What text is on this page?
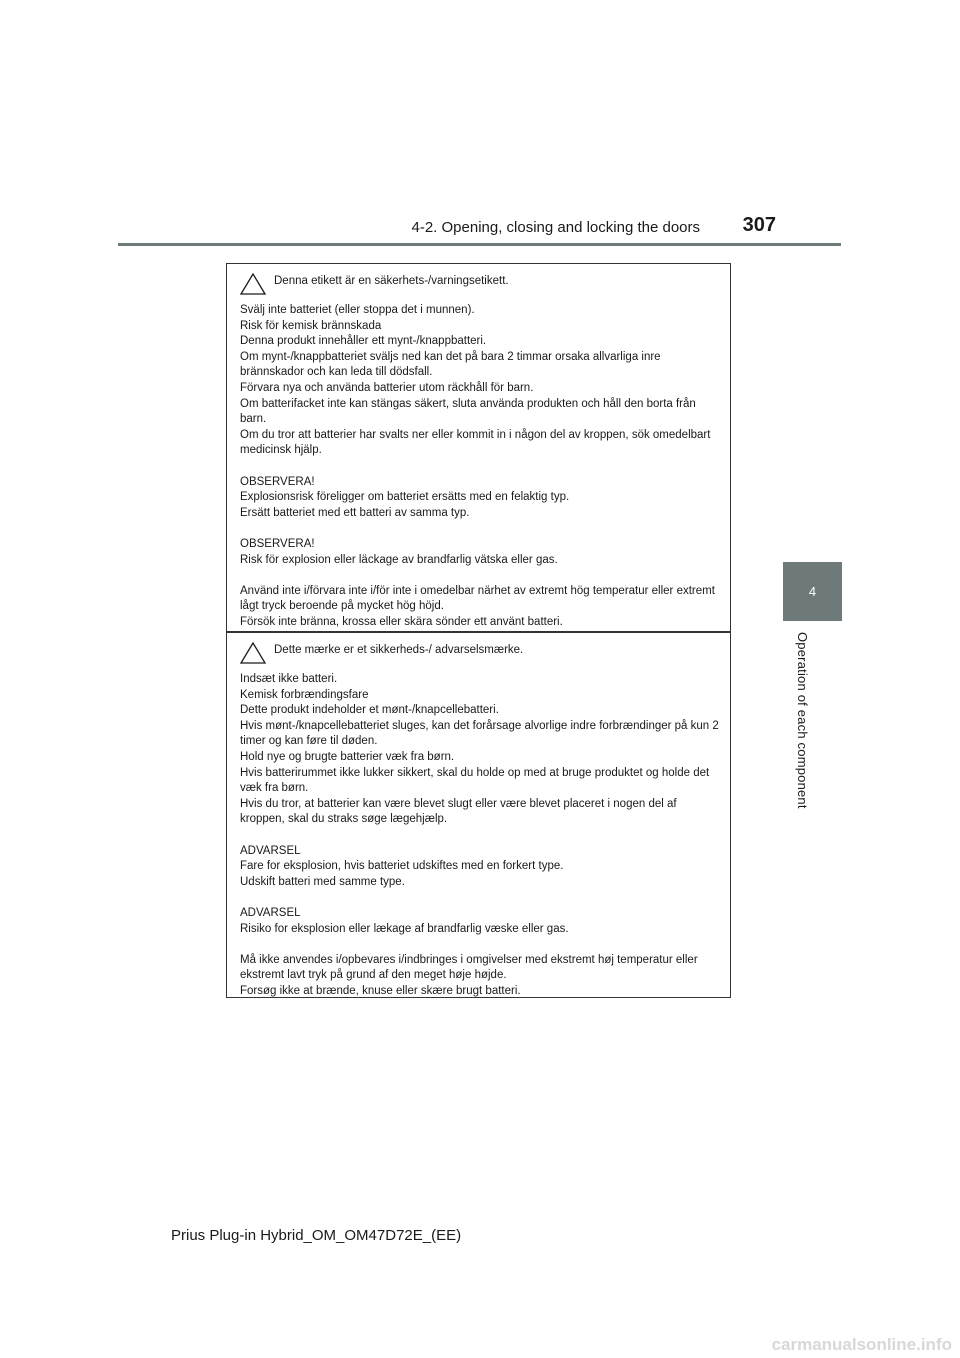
4-2. Opening, closing and locking the doors	307
4
Operation of each component
Denna etikett är en säkerhets-/varningsetikett.

Svälj inte batteriet (eller stoppa det i munnen).
Risk för kemisk brännskada
Denna produkt innehåller ett mynt-/knappbatteri.
Om mynt-/knappbatteriet sväljs ned kan det på bara 2 timmar orsaka allvarliga inre brännskador och kan leda till dödsfall.
Förvara nya och använda batterier utom räckhåll för barn.
Om batterifacket inte kan stängas säkert, sluta använda produkten och håll den borta från barn.
Om du tror att batterier har svalts ner eller kommit in i någon del av kroppen, sök omedelbart medicinsk hjälp.

OBSERVERA!
Explosionsrisk föreligger om batteriet ersätts med en felaktig typ.
Ersätt batteriet med ett batteri av samma typ.

OBSERVERA!
Risk för explosion eller läckage av brandfarlig vätska eller gas.

Använd inte i/förvara inte i/för inte i omedelbar närhet av extremt hög temperatur eller extremt lågt tryck beroende på mycket hög höjd.
Försök inte bränna, krossa eller skära sönder ett använt batteri.

Dette mærke er et sikkerheds-/ advarselsmærke.

Indsæt ikke batteri.
Kemisk forbrændingsfare
Dette produkt indeholder et mønt-/knapcellebatteri.
Hvis mønt-/knapcellebatteriet sluges, kan det forårsage alvorlige indre forbrændinger på kun 2 timer og kan føre til døden.
Hold nye og brugte batterier væk fra børn.
Hvis batterirummet ikke lukker sikkert, skal du holde op med at bruge produktet og holde det væk fra børn.
Hvis du tror, at batterier kan være blevet slugt eller være blevet placeret i nogen del af kroppen, skal du straks søge lægehjælp.

ADVARSEL
Fare for eksplosion, hvis batteriet udskiftes med en forkert type.
Udskift batteri med samme type.

ADVARSEL
Risiko for eksplosion eller lækage af brandfarlig væske eller gas.

Må ikke anvendes i/opbevares i/indbringes i omgivelser med ekstremt høj temperatur eller ekstremt lavt tryk på grund af den meget høje højde.
Forsøg ikke at brænde, knuse eller skære brugt batteri.

Prius Plug-in Hybrid_OM_OM47D72E_(EE)
carmanualsonline.info
